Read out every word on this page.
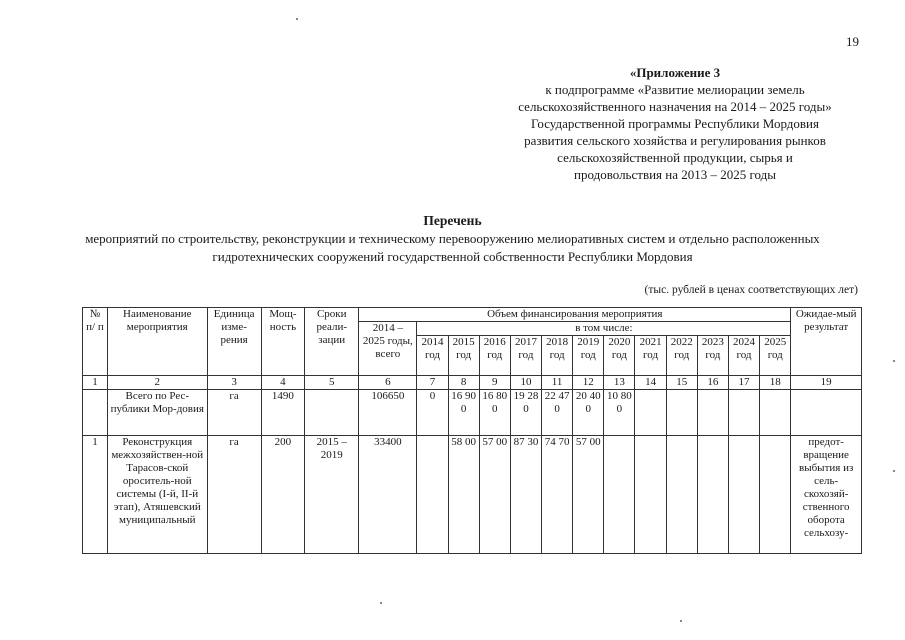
19
«Приложение 3
к подпрограмме «Развитие мелиорации земель
сельскохозяйственного назначения на 2014 – 2025 годы»
Государственной программы Республики Мордовия
развития сельского хозяйства и регулирования рынков
сельскохозяйственной продукции, сырья и
продовольствия на 2013 – 2025 годы
Перечень
мероприятий по строительству, реконструкции и техническому перевооружению мелиоративных систем и отдельно расположенных гидротехнических сооружений государственной собственности Республики Мордовия
(тыс. рублей в ценах соответствующих лет)
№ п/ п	Наименование мероприятия	Единица изме-рения	Мощ-ность	Сроки реали-зации	Объем финансирования мероприятия													Ожидае-мый результат
					2014 – 2025 годы, всего	в том числе:												
						2014 год	2015 год	2016 год	2017 год	2018 год	2019 год	2020 год	2021 год	2022 год	2023 год	2024 год	2025 год	
1	2	3	4	5	6	7	8	9	10	11	12	13	14	15	16	17	18	19
	Всего по Рес-публики Мор-довия	га	1490		106650	0	16 90 0	16 80 0	19 28 0	22 47 0	20 40 0	10 80 0						
1	Реконструкция межхозяйствен-ной Тарасов-ской ороситель-ной системы (I-й, II-й этап), Атяшевский муниципальный	га	200	2015 – 2019	33400		58 00	57 00	87 30	74 70	57 00							предот-вращение выбытия из сель-скохозяй-ственного оборота сельхозу-
